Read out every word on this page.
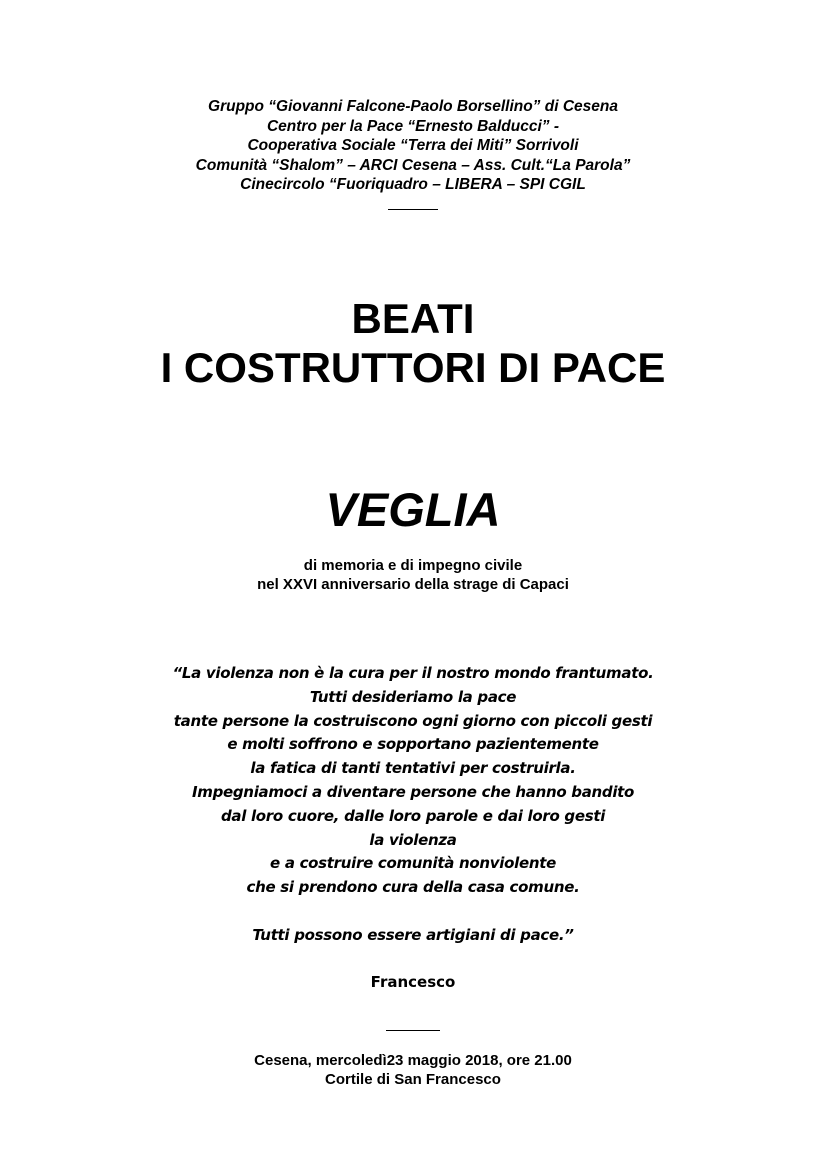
Gruppo “Giovanni Falcone-Paolo Borsellino” di Cesena
Centro per la Pace “Ernesto Balducci” -
Cooperativa Sociale “Terra dei Miti” Sorrivoli
Comunità “Shalom” – ARCI Cesena – Ass. Cult.“La Parola”
Cinecircolo “Fuoriquadro – LIBERA – SPI CGIL
BEATI
I COSTRUTTORI DI PACE
VEGLIA
di memoria e di impegno civile
nel XXVI anniversario della strage di Capaci
“La violenza non è la cura per il nostro mondo frantumato.
Tutti desideriamo la pace
tante persone la costruiscono ogni giorno con piccoli gesti
e molti soffrono e sopportano pazientemente
la fatica di tanti tentativi per costruirla.
Impegniamoci a diventare persone che hanno bandito
dal loro cuore, dalle loro parole e dai loro gesti
la violenza
e a costruire comunità nonviolente
che si prendono cura della casa comune.
Tutti possono essere artigiani di pace.”
Francesco
Cesena, mercoledì23 maggio 2018, ore 21.00
Cortile di San Francesco
